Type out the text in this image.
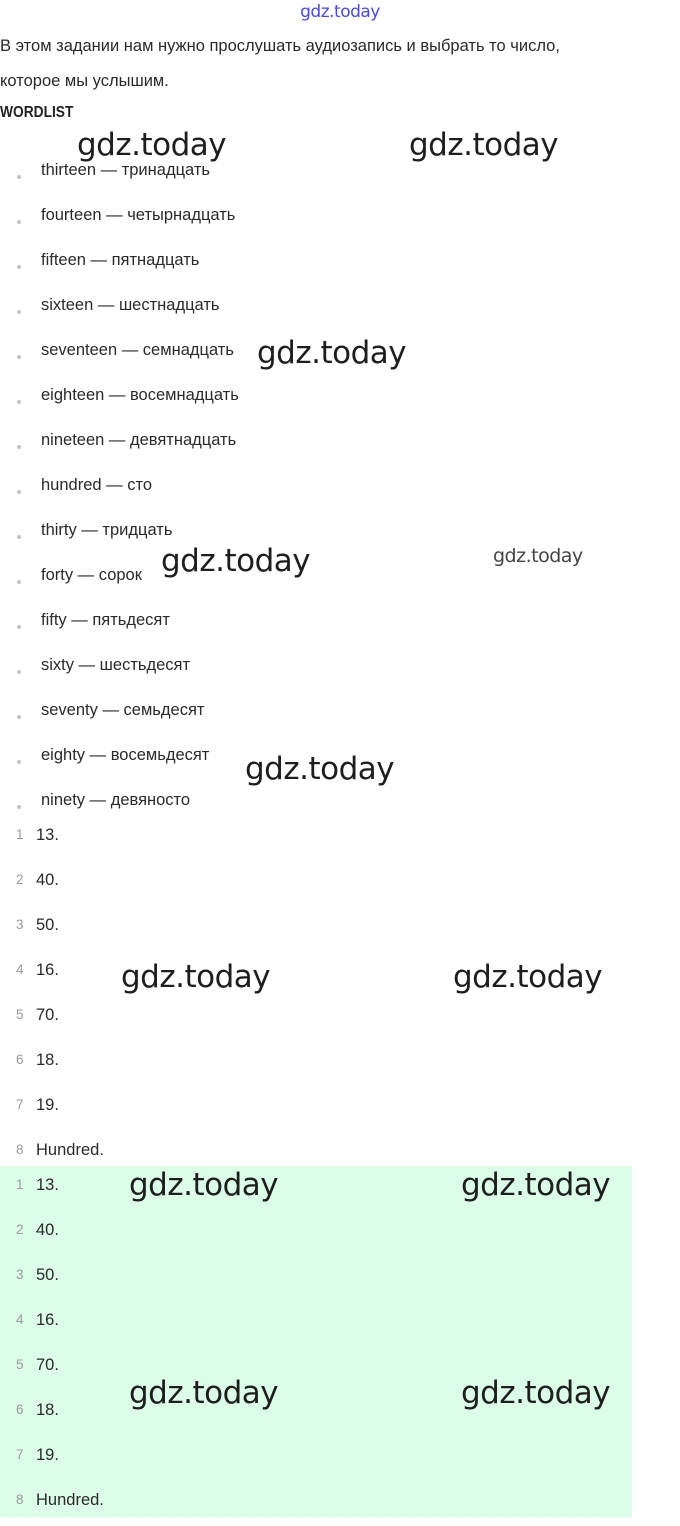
gdz.today
В этом задании нам нужно прослушать аудиозапись и выбрать то число,
которое мы услышим.
WORDLIST
thirteen — тринадцать
fourteen — четырнадцать
fifteen — пятнадцать
sixteen — шестнадцать
seventeen — семнадцать
eighteen — восемнадцать
nineteen — девятнадцать
hundred — сто
thirty — тридцать
forty — сорок
fifty — пятьдесят
sixty — шестьдесят
seventy — семьдесят
eighty — восемьдесят
ninety — девяносто
1 13.
2 40.
3 50.
4 16.
5 70.
6 18.
7 19.
8 Hundred.
1 13.
2 40.
3 50.
4 16.
5 70.
6 18.
7 19.
8 Hundred.
gdz.today	gdz.today
gdz.today
gdz.today	gdz.today
gdz.today
gdz.today	gdz.today
gdz.today	gdz.today
gdz.today	gdz.today
